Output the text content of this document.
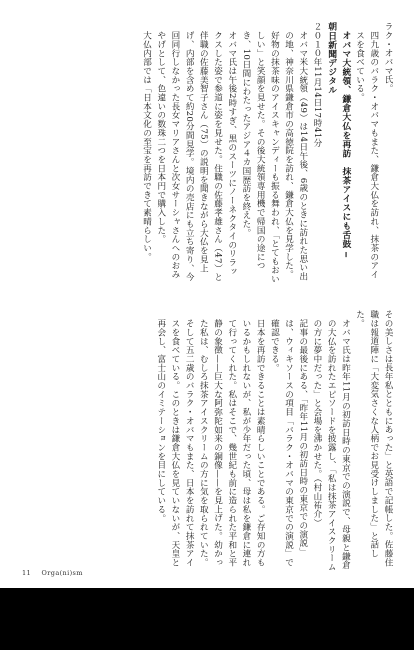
ラク・オバマ氏。

四九歳のバラク・オバマもまた、鎌倉大仏を訪れ、抹茶のアイスを食べている。

オバマ大統領、鎌倉大仏を再訪　抹茶アイスにも舌鼓 ‒

朝日新聞デジタル

２０１０年11月14日17時41分

オバマ米大統領（49）は14日午後、6歳のときに訪れた思い出の地、神奈川県鎌倉市の高徳院を訪れ、鎌倉大仏を見学した。好物の抹茶味のアイスキャンディーも振る舞われ、「とてもおいしい」と笑顔を見せた。その後大統領専用機で帰国の途につき、10日間にわたったアジア４カ国歴訪を終えた。

オバマ氏は午後2時すぎ、黒のスーツにノーネクタイのリラックスした姿で参道に姿を見せた。住職の佐藤孝雄さん（47）と伴職の佐藤美智子さん（75）の説明を聞きながら大仏を見上げ、内部を含めて約20分間見学。境内の売店にも立ち寄り、今回同行しなかった長女マリアさんと次女サーシャさんへのおみやげとして、色違いの数珠二つを日本円で購入した。

大仏内部では「日本文化の至宝を再訪できて素晴らしい。

その美しさは長年私とともにあった」と英語で記帳した。佐藤住職は報道陣に「大変気さくな人柄でお見受けしました」と話した。

オバマ氏は昨年11月の初訪日時の東京での演説で、母親と鎌倉の大仏を訪れたエピソードを披露し、「私は抹茶アイスクリームの方に夢中だった」と会場を沸かせた。（村山祐介）

記事の最後にある、「昨年11月の初訪日時の東京での演説」は、ウィキソースの項目「バラク・オバマの東京での演説」で確認できる。

日本を再訪できることは素晴らしいことである。ご存知の方もいるかもしれないが、私が少年だった頃、母は私を鎌倉に連れて行ってくれた。私はそこで、幾世紀も前に造られた平和と平静の象徴——巨大な阿弥陀如来の銅像——を見上げた。幼かった私は、むしろ抹茶アイスクリームの方に気を取られていた。

そして五二歳のバラク・オバマもまた、日本を訪れて抹茶アイスを食べている。このときは鎌倉大仏を見ていないが、天皇と再会し、富士山のイミテーションを目にしている。

11 Orga(ni)sm
